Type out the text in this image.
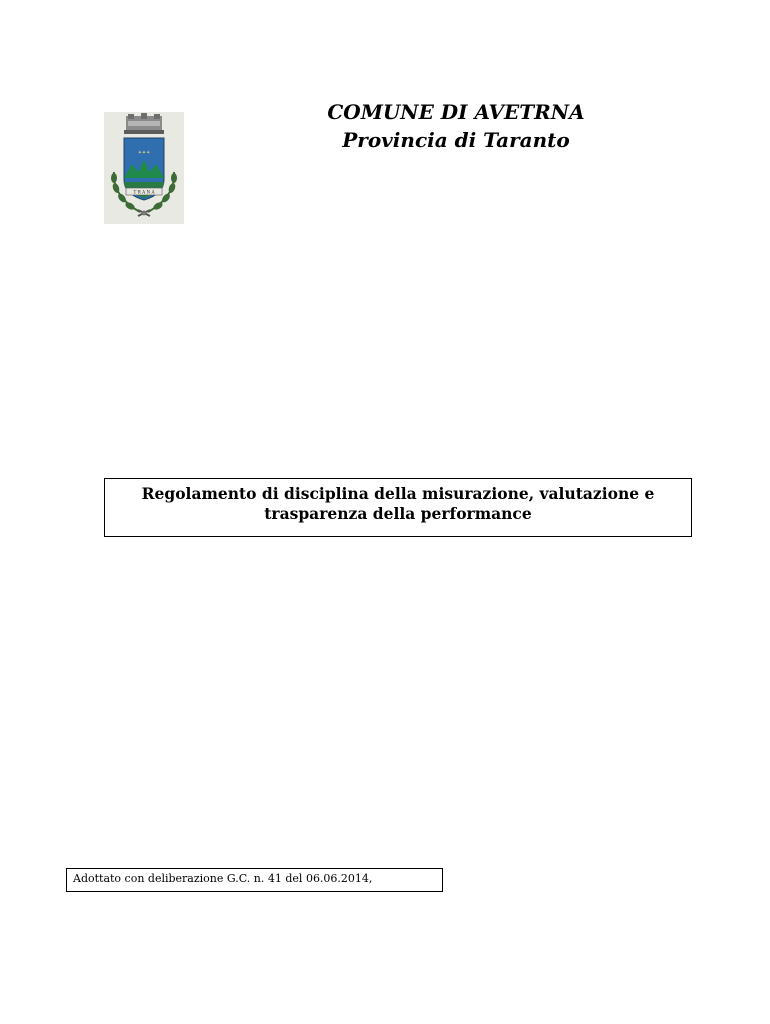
✦✦✦
T R A N A
COMUNE DI AVETRNA
Provincia di Taranto
Regolamento di disciplina della misurazione, valutazione e
trasparenza della performance
Adottato con deliberazione G.C. n. 41 del 06.06.2014,
